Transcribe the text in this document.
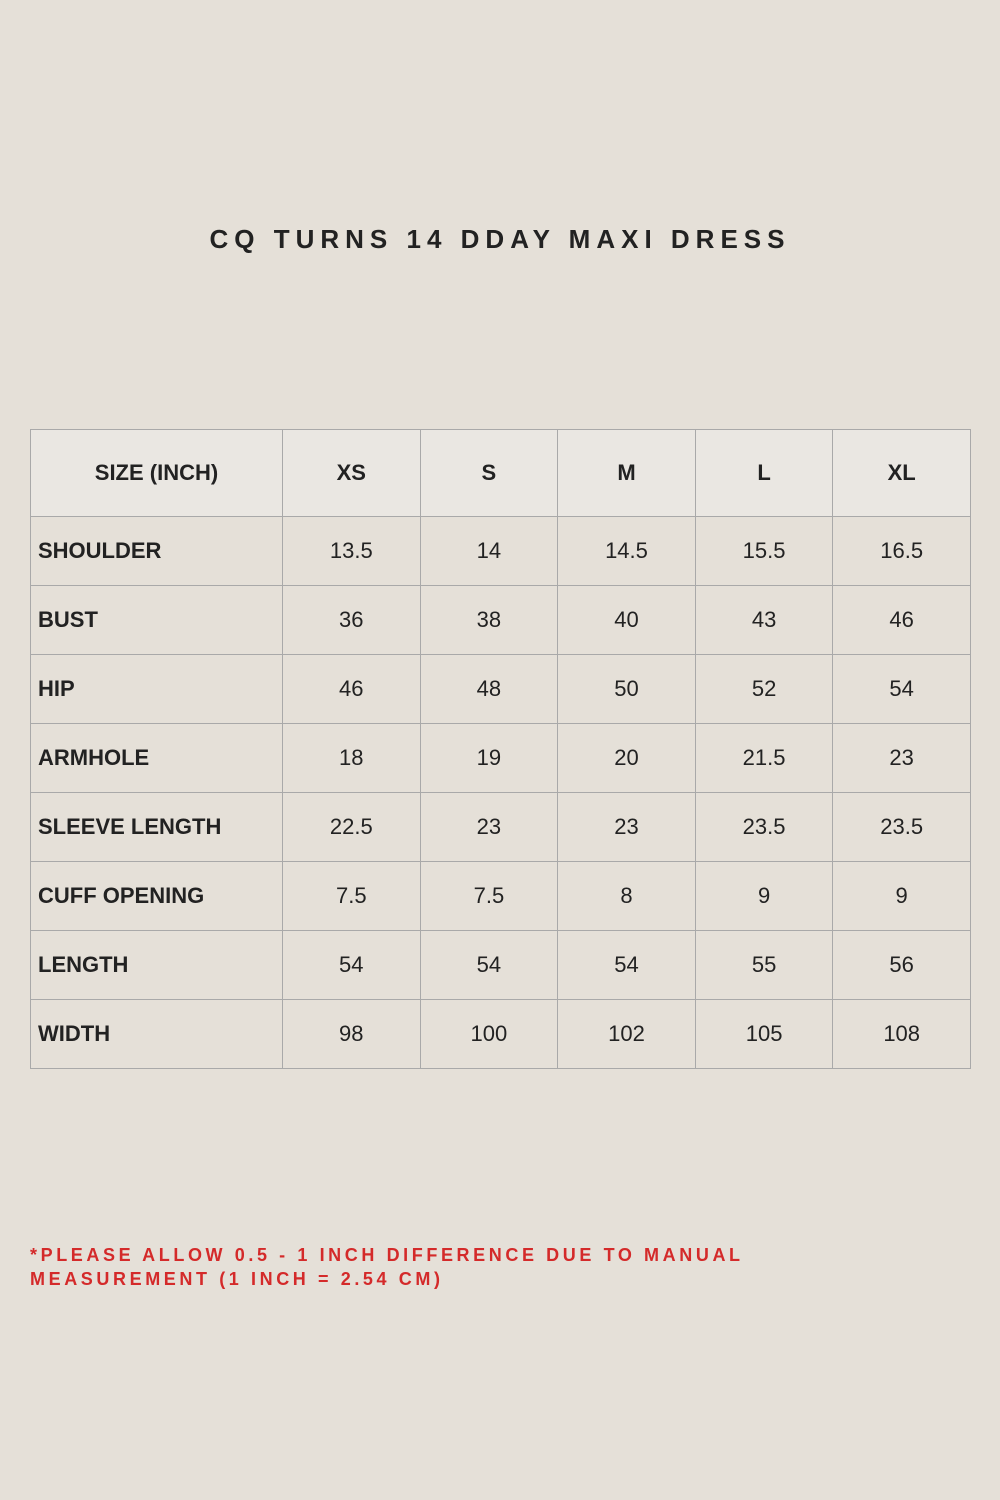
CQ TURNS 14 DDAY MAXI DRESS
SIZE (INCH)	XS	S	M	L	XL
SHOULDER	13.5	14	14.5	15.5	16.5
BUST	36	38	40	43	46
HIP	46	48	50	52	54
ARMHOLE	18	19	20	21.5	23
SLEEVE LENGTH	22.5	23	23	23.5	23.5
CUFF OPENING	7.5	7.5	8	9	9
LENGTH	54	54	54	55	56
WIDTH	98	100	102	105	108
*PLEASE ALLOW 0.5 - 1 INCH DIFFERENCE DUE TO MANUAL
MEASUREMENT (1 INCH = 2.54 CM)
